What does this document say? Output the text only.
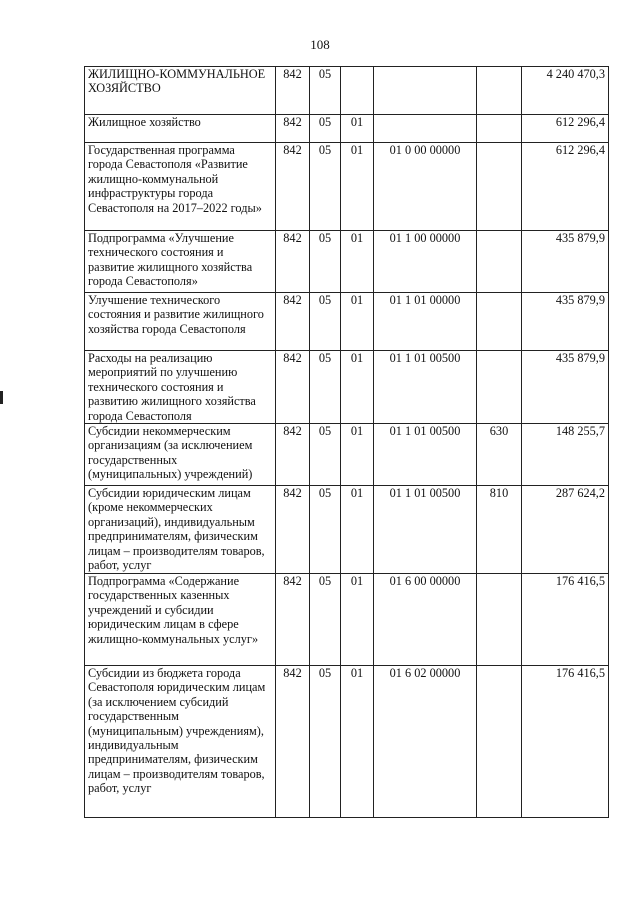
108
ЖИЛИЩНО-КОММУНАЛЬНОЕ ХОЗЯЙСТВО	842	05				4 240 470,3
Жилищное хозяйство	842	05	01			612 296,4
Государственная программа города Севастополя «Развитие жилищно-коммунальной инфраструктуры города Севастополя на 2017–2022 годы»	842	05	01	01 0 00 00000		612 296,4
Подпрограмма «Улучшение технического состояния и развитие жилищного хозяйства города Севастополя»	842	05	01	01 1 00 00000		435 879,9
Улучшение технического состояния и развитие жилищного хозяйства города Севастополя	842	05	01	01 1 01 00000		435 879,9
Расходы на реализацию мероприятий по улучшению технического состояния и развитию жилищного хозяйства города Севастополя	842	05	01	01 1 01 00500		435 879,9
Субсидии некоммерческим организациям (за исключением государственных (муниципальных) учреждений)	842	05	01	01 1 01 00500	630	148 255,7
Субсидии юридическим лицам (кроме некоммерческих организаций), индивидуальным предпринимателям, физическим лицам – производителям товаров, работ, услуг	842	05	01	01 1 01 00500	810	287 624,2
Подпрограмма «Содержание государственных казенных учреждений и субсидии юридическим лицам в сфере жилищно-коммунальных услуг»	842	05	01	01 6 00 00000		176 416,5
Субсидии из бюджета города Севастополя юридическим лицам (за исключением субсидий государственным (муниципальным) учреждениям), индивидуальным предпринимателям, физическим лицам – производителям товаров, работ, услуг	842	05	01	01 6 02 00000		176 416,5
